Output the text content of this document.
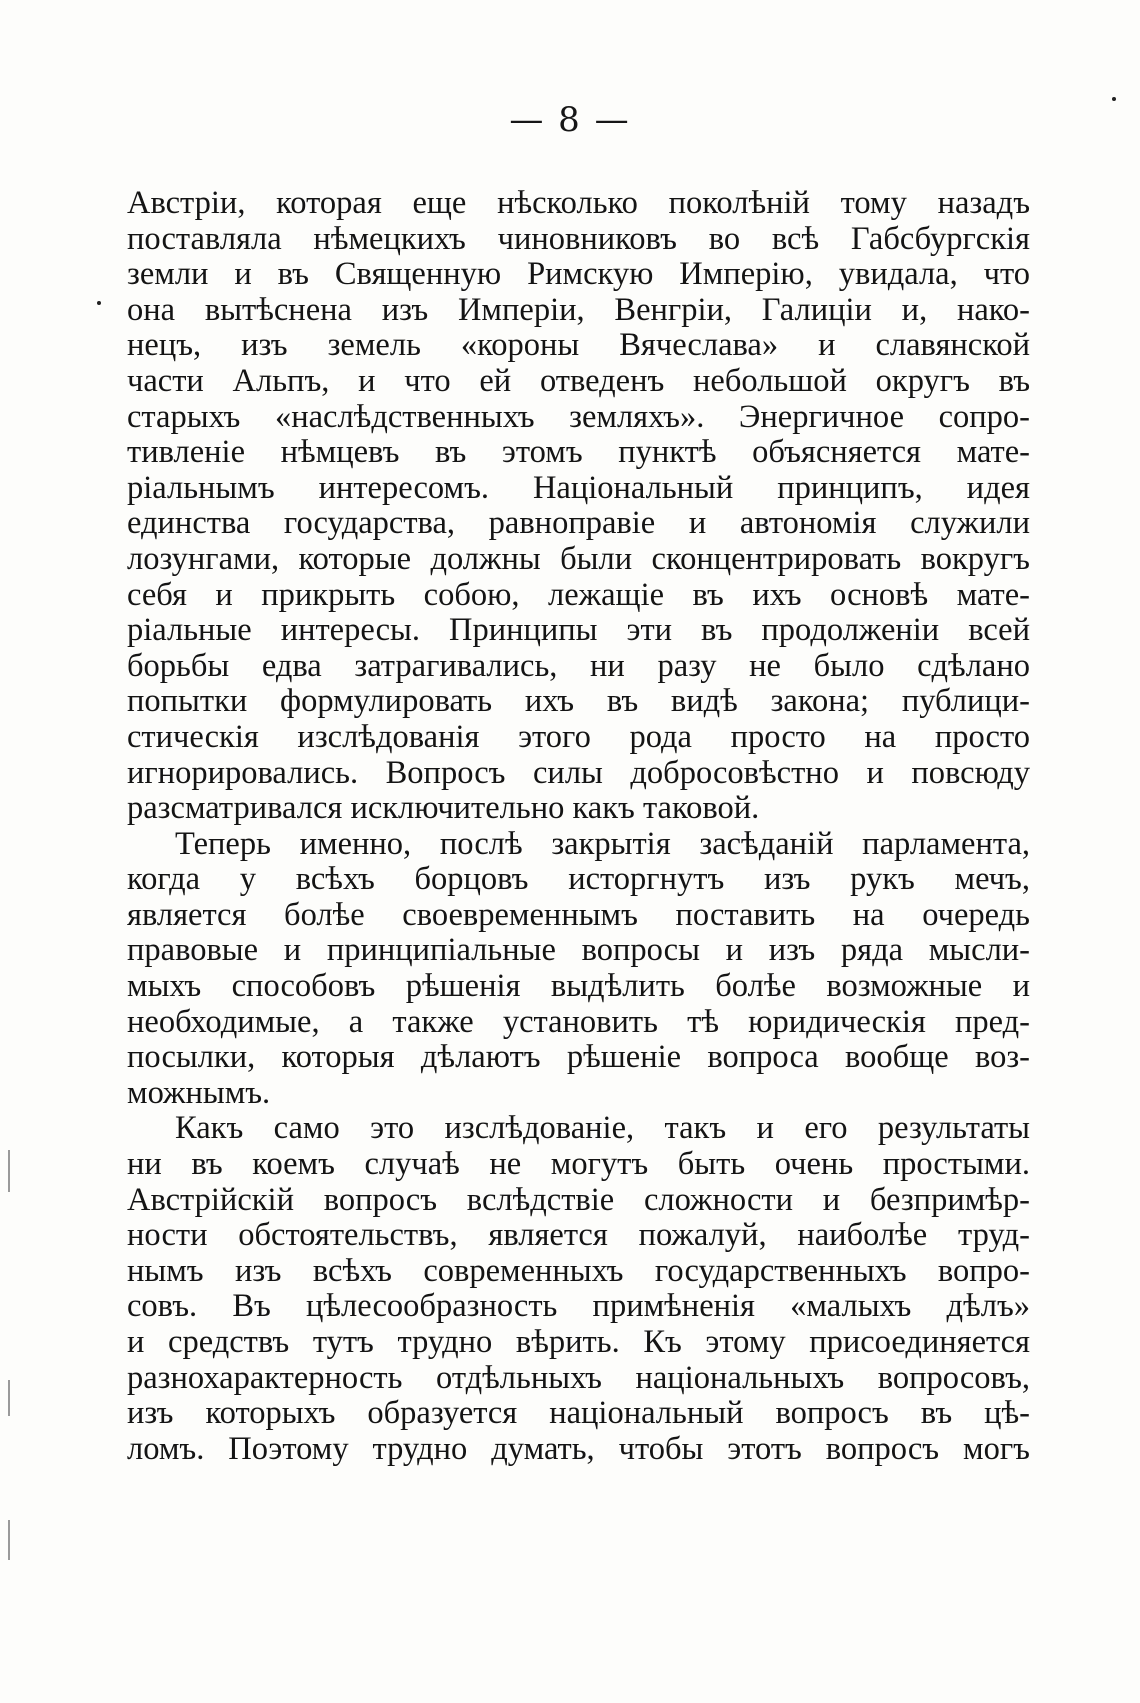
— 8 —
Австріи, которая еще нѣсколько поколѣній тому назадъ
поставляла нѣмецкихъ чиновниковъ во всѣ Габсбургскія
земли и въ Священную Римскую Имперію, увидала, что
она вытѣснена изъ Имперіи, Венгріи, Галиціи и, нако-
нецъ, изъ земель «короны Вячеслава» и славянской
части Альпъ, и что ей отведенъ небольшой округъ въ
старыхъ «наслѣдственныхъ земляхъ». Энергичное сопро-
тивленіе нѣмцевъ въ этомъ пунктѣ объясняется мате-
ріальнымъ интересомъ. Національный принципъ, идея
единства государства, равноправіе и автономія служили
лозунгами, которые должны были сконцентрировать вокругъ
себя и прикрыть собою, лежащіе въ ихъ основѣ мате-
ріальные интересы. Принципы эти въ продолженіи всей
борьбы едва затрагивались, ни разу не было сдѣлано
попытки формулировать ихъ въ видѣ закона; публици-
стическія изслѣдованія этого рода просто на просто
игнорировались. Вопросъ силы добросовѣстно и повсюду
разсматривался исключительно какъ таковой.
Теперь именно, послѣ закрытія засѣданій парламента,
когда у всѣхъ борцовъ исторгнутъ изъ рукъ мечъ,
является болѣе своевременнымъ поставить на очередь
правовые и принципіальные вопросы и изъ ряда мысли-
мыхъ способовъ рѣшенія выдѣлить болѣе возможные и
необходимые, а также установить тѣ юридическія пред-
посылки, которыя дѣлаютъ рѣшеніе вопроса вообще воз-
можнымъ.
Какъ само это изслѣдованіе, такъ и его результаты
ни въ коемъ случаѣ не могутъ быть очень простыми.
Австрійскій вопросъ вслѣдствіе сложности и безпримѣр-
ности обстоятельствъ, является пожалуй, наиболѣе труд-
нымъ изъ всѣхъ современныхъ государственныхъ вопро-
совъ. Въ цѣлесообразность примѣненія «малыхъ дѣлъ»
и средствъ тутъ трудно вѣрить. Къ этому присоединяется
разнохарактерность отдѣльныхъ національныхъ вопросовъ,
изъ которыхъ образуется національный вопросъ въ цѣ-
ломъ. Поэтому трудно думать, чтобы этотъ вопросъ могъ
